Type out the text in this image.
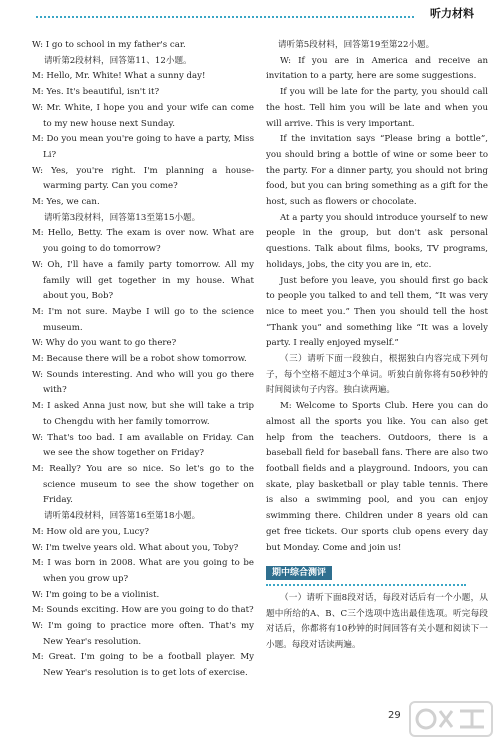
听力材料

W: I go to school in my father's car.

请听第2段材料，回答第11、12小题。

M: Hello, Mr. White! What a sunny day!

M: Yes. It's beautiful, isn't it?

W: Mr. White, I hope you and your wife can come to my new house next Sunday.

M: Do you mean you're going to have a party, Miss Li?

W: Yes, you're right. I'm planning a house-warming party. Can you come?

M: Yes, we can.

请听第3段材料，回答第13至第15小题。

M: Hello, Betty. The exam is over now. What are you going to do tomorrow?

W: Oh, I'll have a family party tomorrow. All my family will get together in my house. What about you, Bob?

M: I'm not sure. Maybe I will go to the science museum.

W: Why do you want to go there?

M: Because there will be a robot show tomorrow.

W: Sounds interesting. And who will you go there with?

M: I asked Anna just now, but she will take a trip to Chengdu with her family tomorrow.

W: That's too bad. I am available on Friday. Can we see the show together on Friday?

M: Really? You are so nice. So let's go to the science museum to see the show together on Friday.

请听第4段材料，回答第16至第18小题。

M: How old are you, Lucy?

W: I'm twelve years old. What about you, Toby?

M: I was born in 2008. What are you going to be when you grow up?

W: I'm going to be a violinist.

M: Sounds exciting. How are you going to do that?

W: I'm going to practice more often. That's my New Year's resolution.

M: Great. I'm going to be a football player. My New Year's resolution is to get lots of exercise.

请听第5段材料，回答第19至第22小题。

W: If you are in America and receive an invitation to a party, here are some suggestions.

If you will be late for the party, you should call the host. Tell him you will be late and when you will arrive. This is very important.

If the invitation says “Please bring a bottle”, you should bring a bottle of wine or some beer to the party. For a dinner party, you should not bring food, but you can bring something as a gift for the host, such as flowers or chocolate.

At a party you should introduce yourself to new people in the group, but don't ask personal questions. Talk about films, books, TV programs, holidays, jobs, the city you are in, etc.

Just before you leave, you should first go back to people you talked to and tell them, “It was very nice to meet you.” Then you should tell the host “Thank you” and something like “It was a lovely party. I really enjoyed myself.”

（三）请听下面一段独白，根据独白内容完成下列句子，每个空格不超过3个单词。听独白前你将有50秒钟的时间阅读句子内容。独白读两遍。

M: Welcome to Sports Club. Here you can do almost all the sports you like. You can also get help from the teachers. Outdoors, there is a baseball field for baseball fans. There are also two football fields and a playground. Indoors, you can skate, play basketball or play table tennis. There is also a swimming pool, and you can enjoy swimming there. Children under 8 years old can get free tickets. Our sports club opens every day but Monday. Come and join us!

期中综合测评

（一）请听下面8段对话，每段对话后有一个小题，从题中所给的A、B、C三个选项中选出最佳选项。听完每段对话后，你都将有10秒钟的时间回答有关小题和阅读下一小题。每段对话读两遍。

29
